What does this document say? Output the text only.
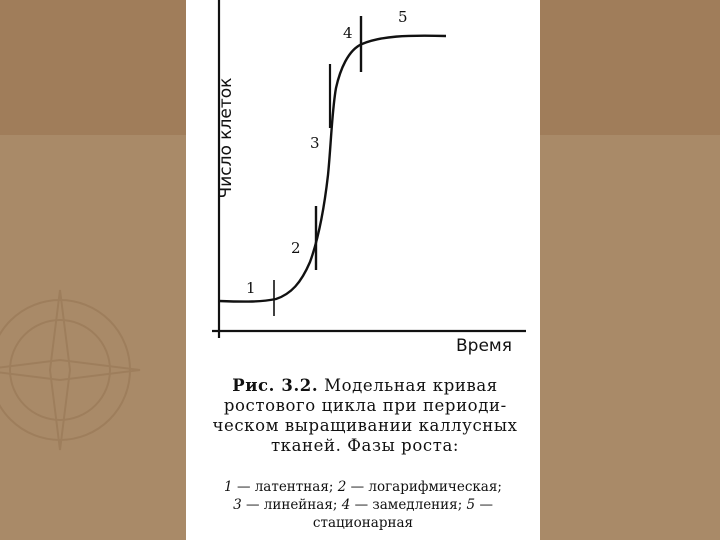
Число клеток
Время
1
2
3
4
5
Рис. 3.2. Модельная кривая ростового цикла при периодическом выращивании каллусных тканей. Фазы роста:
1 — латентная; 2 — логарифмическая;
3 — линейная; 4 — замедления; 5 —
стационарная
